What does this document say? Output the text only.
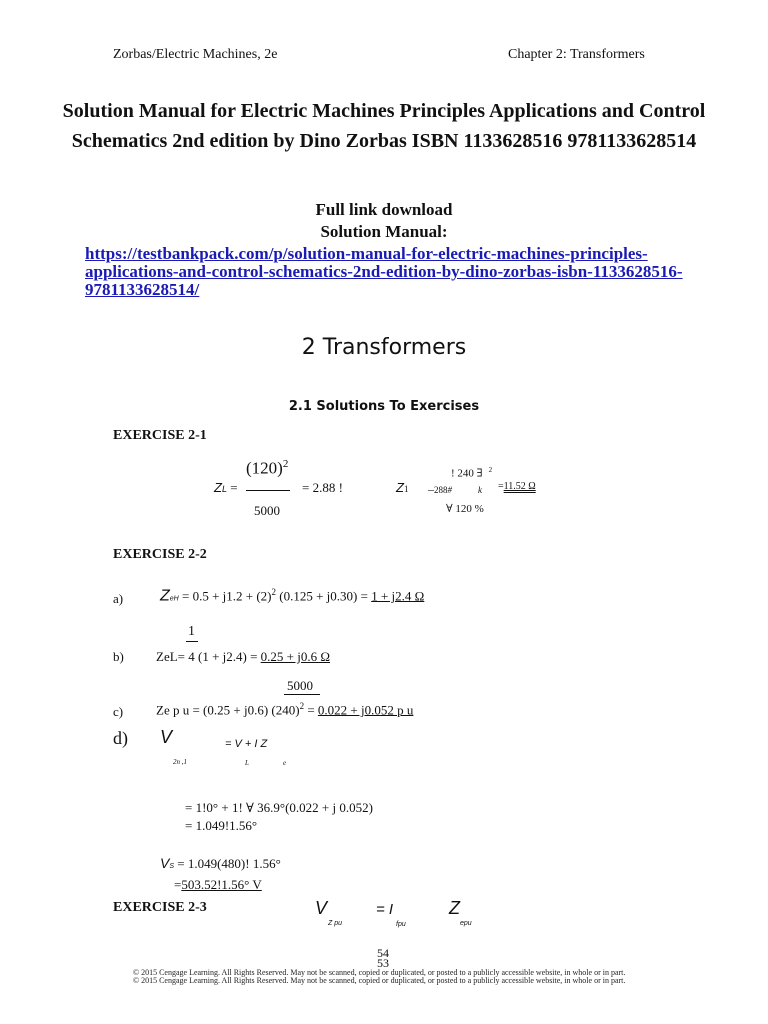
Zorbas/Electric Machines, 2e	Chapter 2: Transformers
Solution Manual for Electric Machines Principles Applications and Control Schematics 2nd edition by Dino Zorbas ISBN 1133628516 9781133628514
Full link download
Solution Manual:
https://testbankpack.com/p/solution-manual-for-electric-machines-principles-applications-and-control-schematics-2nd-edition-by-dino-zorbas-isbn-1133628516-9781133628514/
2 Transformers
2.1 Solutions To Exercises
EXERCISE 2-1
ZL =
$(120)^2$
5000
= 2.88 !	Z1
! 240 ∃ $^2$
–288#	k =11.52 Ω
∀ 120 %
EXERCISE 2-2
a) ZeH = $0.5 + j1.2 + (2)^2$ (0.125 + j0.30) = 1 + j2.4 Ω
1
b) ZeL= 4 (1 + j2.4) = 0.25 + j0.6 Ω
5000
c)	Ze p u = (0.25 + j0.6) $(240)^2 = 0.022 + j0.052$ p u
d) V	= V + I Z
2n ,1	L	e
= 1!0° + 1! ∀ 36.9°(0.022 + j 0.052)
= 1.049!1.56°
VS = 1.049(480)! 1.56°
=503.52!1.56° V
EXERCISE 2-3	V
Z pu
= I
fpu
Z
epu
54
53
© 2015 Cengage Learning. All Rights Reserved. May not be scanned, copied or duplicated, or posted to a publicly accessible website, in whole or in part.
© 2015 Cengage Learning. All Rights Reserved. May not be scanned, copied or duplicated, or posted to a publicly accessible website, in whole or in part.
